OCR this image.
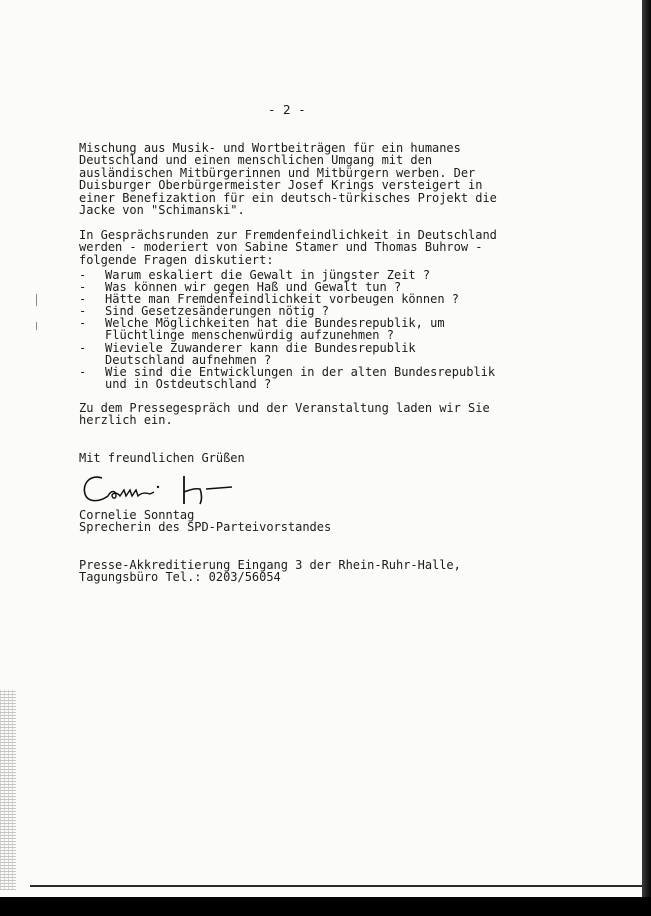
- 2 -

Mischung aus Musik- und Wortbeiträgen für ein humanes
Deutschland und einen menschlichen Umgang mit den
ausländischen Mitbürgerinnen und Mitbürgern werben. Der
Duisburger Oberbürgermeister Josef Krings versteigert in
einer Benefizaktion für ein deutsch-türkisches Projekt die
Jacke von "Schimanski".

In Gesprächsrunden zur Fremdenfeindlichkeit in Deutschland
werden - moderiert von Sabine Stamer und Thomas Buhrow -
folgende Fragen diskutiert:

-

Warum eskaliert die Gewalt in jüngster Zeit ?

-

Was können wir gegen Haß und Gewalt tun ?

-

Hätte man Fremdenfeindlichkeit vorbeugen können ?

-

Sind Gesetzesänderungen nötig ?

-

Welche Möglichkeiten hat die Bundesrepublik, um
Flüchtlinge menschenwürdig aufzunehmen ?

-

Wieviele Zuwanderer kann die Bundesrepublik
Deutschland aufnehmen ?

-

Wie sind die Entwicklungen in der alten Bundesrepublik
und in Ostdeutschland ?

Zu dem Pressegespräch und der Veranstaltung laden wir Sie
herzlich ein.

Mit freundlichen Grüßen

Cornelie Sonntag

Sprecherin des SPD-Parteivorstandes

Presse-Akkreditierung Eingang 3 der Rhein-Ruhr-Halle,
Tagungsbüro Tel.: 0203/56054
